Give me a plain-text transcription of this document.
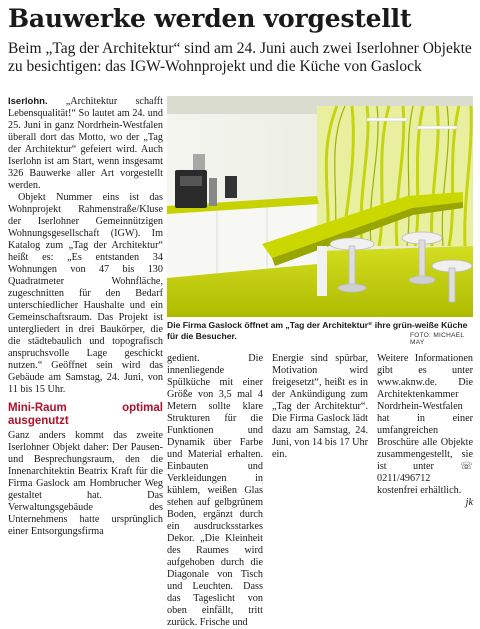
Bauwerke werden vorgestellt
Beim „Tag der Architektur“ sind am 24. Juni auch zwei Iserlohner Objekte
zu besichtigen: das IGW-Wohnprojekt und die Küche von Gaslock

Iserlohn. „Architektur schafft Lebensqualität!“ So lautet am 24. und 25. Juni in ganz Nordrhein-Westfalen überall dort das Motto, wo der „Tag der Architektur“ gefeiert wird. Auch Iserlohn ist am Start, wenn insgesamt 326 Bauwerke aller Art vorgestellt werden.

Objekt Nummer eins ist das Wohnprojekt Rahmenstraße/Kluse der Iserlohner Gemeinnützigen Wohnungsgesellschaft (IGW). Im Katalog zum „Tag der Architektur“ heißt es: „Es entstanden 34 Wohnungen von 47 bis 130 Quadratmeter Wohnfläche, zugeschnitten für den Bedarf unterschiedlicher Haushalte und ein Gemeinschaftsraum. Das Projekt ist untergliedert in drei Baukörper, die die städtebaulich und topografisch anspruchsvolle Lage geschickt nutzen.“ Geöffnet sein wird das Gebäude am Samstag, 24. Juni, von 11 bis 15 Uhr.

Mini-Raum optimal ausgenutzt

Ganz anders kommt das zweite Iserlohner Objekt daher: Der Pausen- und Besprechungsraum, den die Innenarchitektin Beatrix Kraft für die Firma Gaslock am Hombrucher Weg gestaltet hat. Das Verwaltungsgebäude des Unternehmens hatte ursprünglich einer Entsorgungsfirma

Die Firma Gaslock öffnet am „Tag der Architektur“ ihre grün-weiße Küche für die Besucher.	FOTO: MICHAEL MAY

gedient. Die innenliegende Spülküche mit einer Größe von 3,5 mal 4 Metern sollte klare Strukturen für die Funktionen und Dynamik über Farbe und Material erhalten. Einbauten und Verkleidungen in kühlem, weißen Glas stehen auf gelbgrünem Boden, ergänzt durch ein ausdrucksstarkes Dekor. „Die Kleinheit des Raumes wird aufgehoben durch die Diagonale von Tisch und Leuchten. Dass das Tageslicht von oben einfällt, tritt zurück. Frische und

Energie sind spürbar, Motivation wird freigesetzt“, heißt es in der Ankündigung zum „Tag der Architektur“. Die Firma Gaslock lädt dazu am Samstag, 24. Juni, von 14 bis 17 Uhr ein.

Weitere Informationen gibt es unter www.aknw.de. Die Architektenkammer Nordrhein-Westfalen hat in einer umfangreichen Broschüre alle Objekte zusammengestellt, sie ist unter ☏ 0211/496712 kostenfrei erhältlich.

jk
